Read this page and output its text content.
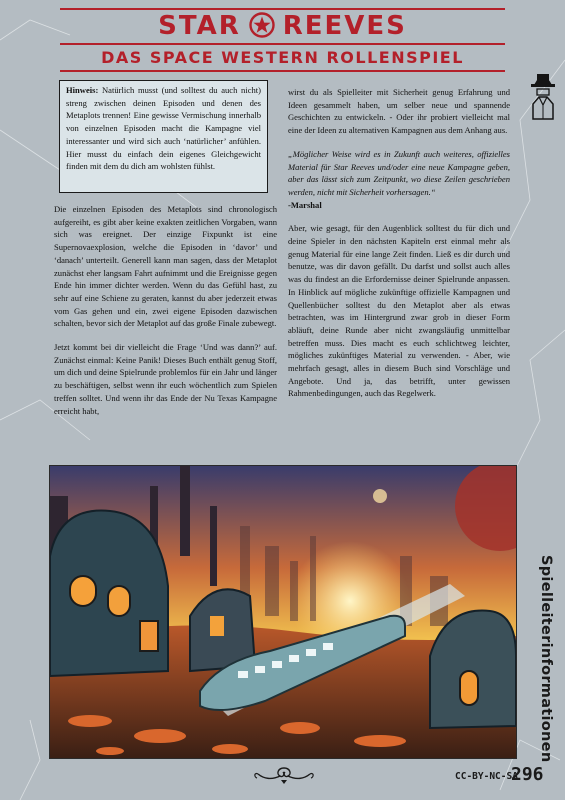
STAR REEVES
DAS SPACE WESTERN ROLLENSPIEL
Hinweis: Natürlich musst (und solltest du auch nicht) streng zwischen deinen Episoden und denen des Metaplots trennen! Eine gewisse Vermischung innerhalb von einzelnen Episoden macht die Kampagne viel interessanter und wird sich auch ‘natürlicher’ anfühlen. Hier musst du einfach dein eigenes Gleichgewicht finden mit dem du dich am wohlsten fühlst.

Die einzelnen Episoden des Metaplots sind chronologisch aufgereiht, es gibt aber keine exakten zeitlichen Vorgaben, wann sich was ereignet. Der einzige Fixpunkt ist eine Supernovaexplosion, welche die Episoden in ‘davor’ und ‘danach’ unterteilt. Generell kann man sagen, dass der Metaplot zunächst eher langsam Fahrt aufnimmt und die Ereignisse gegen Ende hin immer dichter werden. Wenn du das Gefühl hast, zu sehr auf eine Schiene zu geraten, kannst du aber jederzeit etwas vom Gas gehen und ein, zwei eigene Episoden dazwischen schalten, bevor sich der Metaplot auf das große Finale zubewegt.

Jetzt kommt bei dir vielleicht die Frage ‘Und was dann?’ auf. Zunächst einmal: Keine Panik! Dieses Buch enthält genug Stoff, um dich und deine Spielrunde problemlos für ein Jahr und länger zu beschäftigen, selbst wenn ihr euch wöchentlich zum Spielen treffen solltet. Und wenn ihr das Ende der Nu Texas Kampagne erreicht habt,

wirst du als Spielleiter mit Sicherheit genug Erfahrung und Ideen gesammelt haben, um selber neue und spannende Geschichten zu entwickeln. - Oder ihr probiert vielleicht mal eine der Ideen zu alternativen Kampagnen aus dem Anhang aus.

„Möglicher Weise wird es in Zukunft auch weiteres, offizielles Material für Star Reeves und/oder eine neue Kampagne geben, aber das lässt sich zum Zeitpunkt, wo diese Zeilen geschrieben werden, nicht mit Sicherheit vorhersagen.“

-Marshal

Aber, wie gesagt, für den Augenblick solltest du für dich und deine Spieler in den nächsten Kapiteln erst einmal mehr als genug Material für eine lange Zeit finden. Ließ es dir durch und benutze, was dir davon gefällt. Du darfst und sollst auch alles was du findest an die Erfordernisse deiner Spielrunde anpassen. In Hinblick auf mögliche zukünftige offizielle Kampagnen und Quellenbücher solltest du den Metaplot aber als etwas betrachten, was im Hintergrund zwar grob in dieser Form abläuft, deine Runde aber nicht zwangsläufig unmittelbar betreffen muss. Dies macht es euch schlichtweg leichter, mögliches zukünftiges Material zu verwenden. - Aber, wie mehrfach gesagt, alles in diesem Buch sind Vorschläge und Angebote. Und ja, das betrifft, unter gewissen Rahmenbedingungen, auch das Regelwerk.

Spielleiterinformationen
CC-BY-NC-SA
296
